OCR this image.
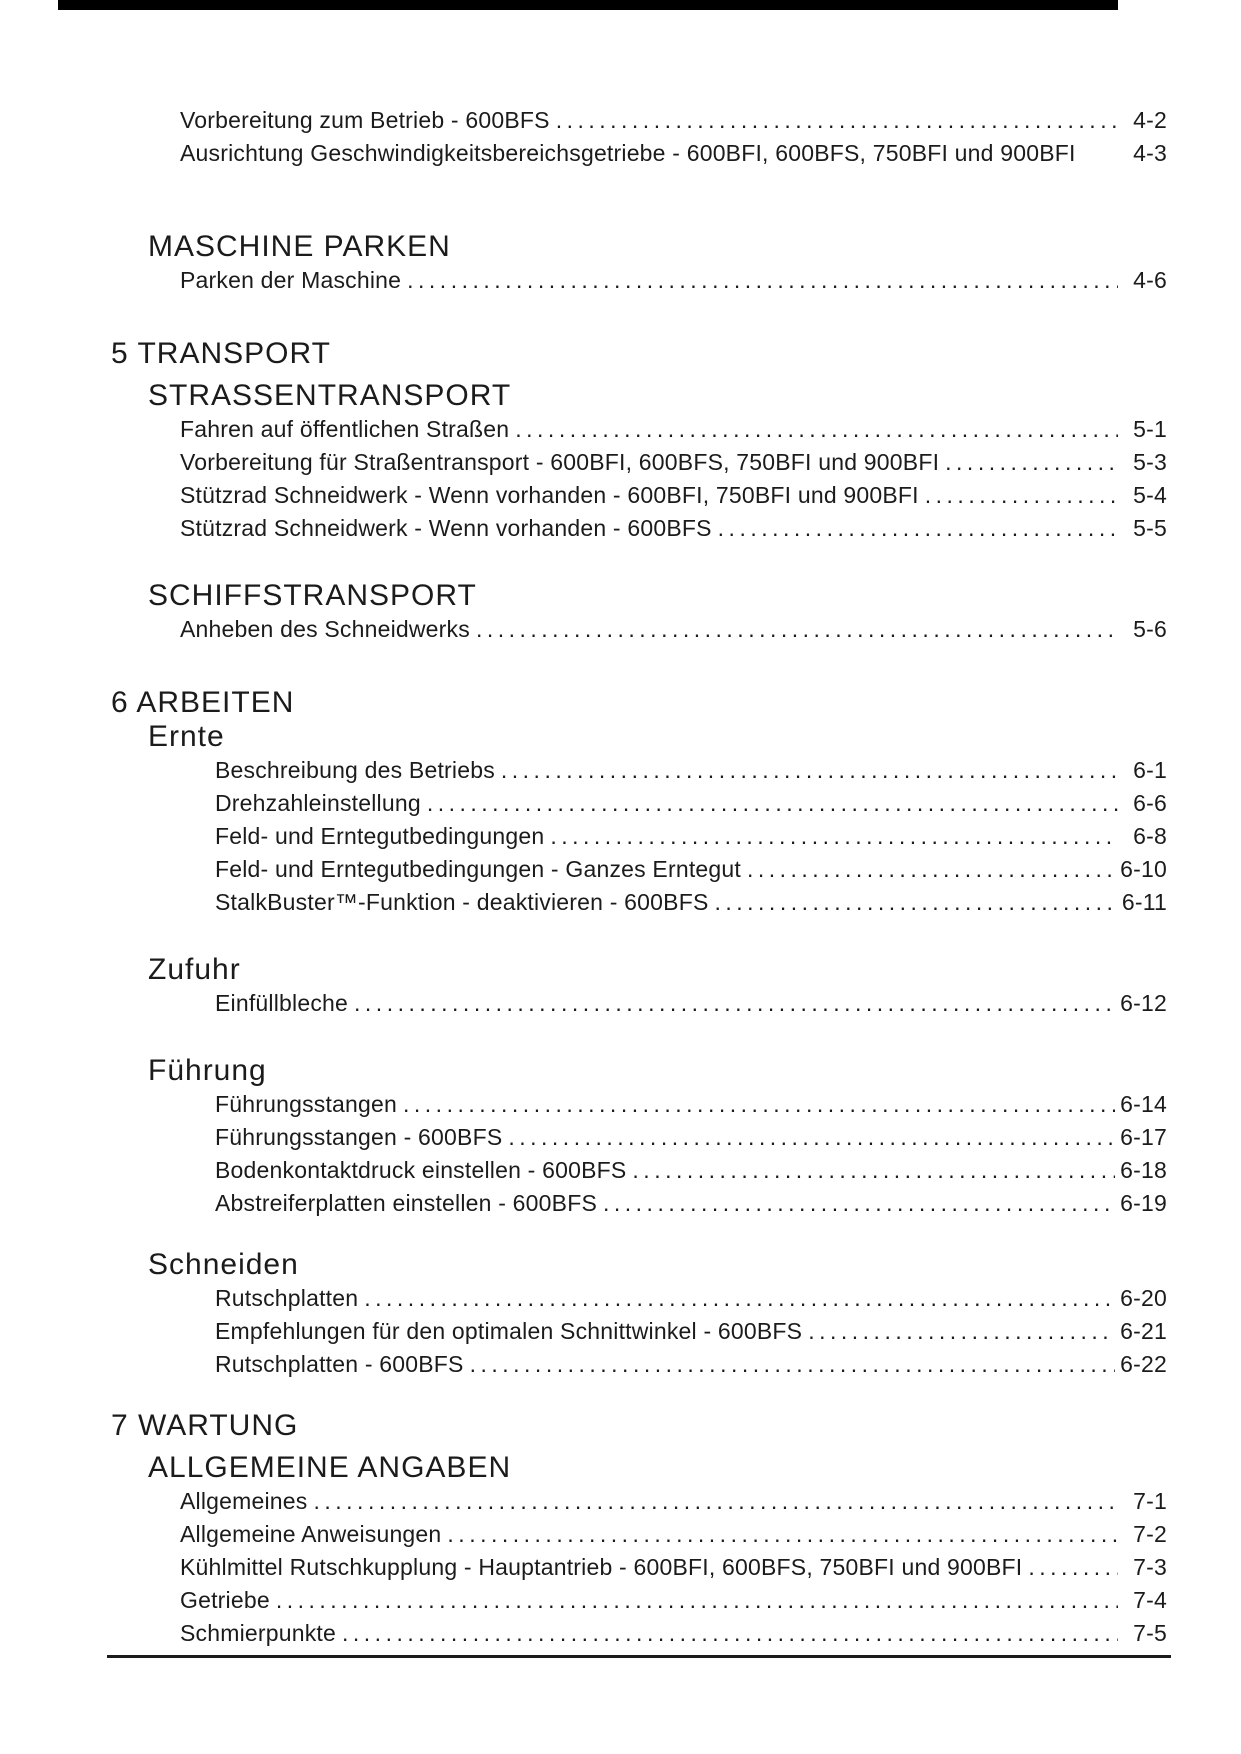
Vorbereitung zum Betrieb - 600BFS .....	4-2
Ausrichtung Geschwindigkeitsbereichsgetriebe - 600BFI, 600BFS, 750BFI und 900BFI	4-3
MASCHINE PARKEN
Parken der Maschine .....	4-6
5 TRANSPORT
STRASSENTRANSPORT
Fahren auf öffentlichen Straßen .....	5-1
Vorbereitung für Straßentransport - 600BFI, 600BFS, 750BFI und 900BFI .....	5-3
Stützrad Schneidwerk - Wenn vorhanden - 600BFI, 750BFI und 900BFI .....	5-4
Stützrad Schneidwerk - Wenn vorhanden - 600BFS .....	5-5
SCHIFFSTRANSPORT
Anheben des Schneidwerks .....	5-6
6 ARBEITEN
Ernte
Beschreibung des Betriebs .....	6-1
Drehzahleinstellung .....	6-6
Feld- und Erntegutbedingungen .....	6-8
Feld- und Erntegutbedingungen - Ganzes Erntegut .....	6-10
StalkBuster™-Funktion - deaktivieren - 600BFS .....	6-11
Zufuhr
Einfüllbleche .....	6-12
Führung
Führungsstangen .....	6-14
Führungsstangen - 600BFS .....	6-17
Bodenkontaktdruck einstellen - 600BFS .....	6-18
Abstreiferplatten einstellen - 600BFS .....	6-19
Schneiden
Rutschplatten .....	6-20
Empfehlungen für den optimalen Schnittwinkel - 600BFS .....	6-21
Rutschplatten - 600BFS .....	6-22
7 WARTUNG
ALLGEMEINE ANGABEN
Allgemeines .....	7-1
Allgemeine Anweisungen .....	7-2
Kühlmittel Rutschkupplung - Hauptantrieb - 600BFI, 600BFS, 750BFI und 900BFI .....	7-3
Getriebe .....	7-4
Schmierpunkte .....	7-5
